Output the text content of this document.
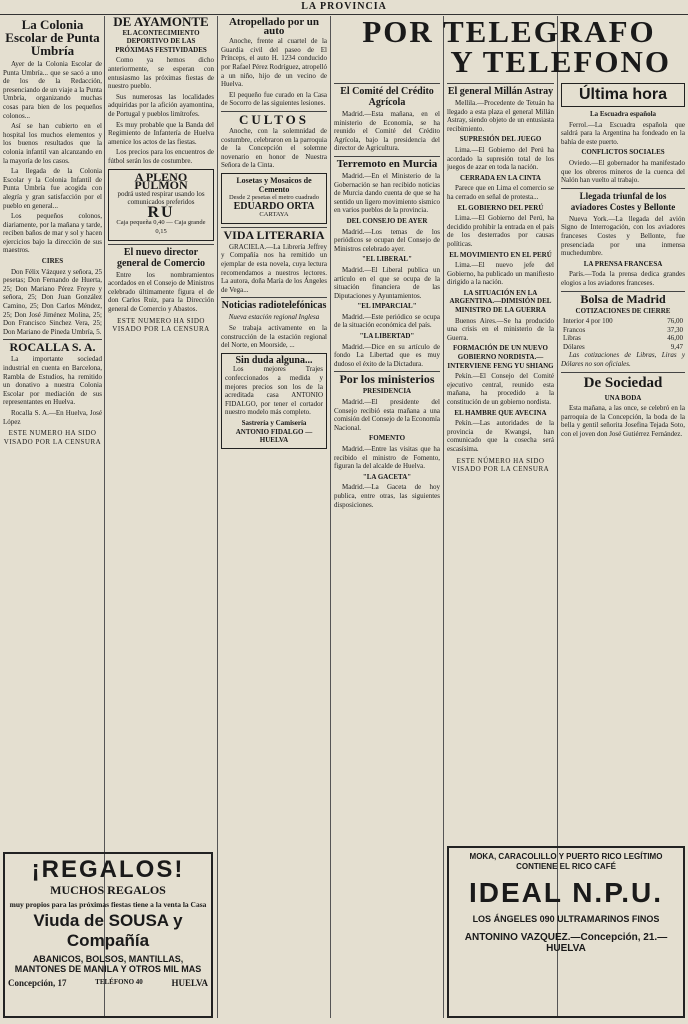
LA PROVINCIA
La Colonia Escolar de Punta Umbría

Ayer de la Colonia Escolar de Punta Umbría... que se sacó a uno de los de la Redacción, presenciando de un viaje a la Punta Umbría, organizando muchas cosas para bien de los pequeños colonos...

Así se han cubierto en el hospital los muchos elementos y los buenos resultados que la colonia infantil van alcanzando en la mayoría de los casos.

La llegada de la Colonia Escolar y la Colonia Infantil de Punta Umbría fue acogida con alegría y gran satisfacción por el pueblo en general...

Los pequeños colonos, diariamente, por la mañana y tarde, reciben baños de mar y sol y hacen ejercicios bajo la dirección de sus maestros.

CIRES

Don Félix Vázquez y señora, 25 pesetas; Don Fernando de Huerta, 25; Don Mariano Pérez Freyre y señora, 25; Don Juan González Camino, 25; Don Carlos Méndez, 25; Don José Jiménez Molina, 25; Don Francisco Sinchez Vera, 25; Don Mariano de Pineda Umbría, 5.

ROCALLA S. A.

La importante sociedad industrial en cuenta en Barcelona, Rambla de Estudios, ha remitido un donativo a nuestra Colonia Escolar por mediación de sus representantes en Huelva.

Rocalla S. A.—En Huelva, José López

ESTE NUMERO HA SIDO VISADO POR LA CENSURA
DE AYAMONTE
EL ACONTECIMIENTO DEPORTIVO DE LAS PRÓXIMAS FESTIVIDADES

Como ya hemos dicho anteriormente, se esperan con entusiasmo las próximas fiestas de nuestro pueblo.

Sus numerosas las localidades adquiridas por la afición ayamontina, de Portugal y pueblos limítrofes.

Es muy probable que la Banda del Regimiento de Infantería de Huelva amenice los actos de las fiestas.

Los precios para los encuentros de fútbol serán los de costumbre.

A PLENO PULMÓN
podrá usted respirar usando los comunicados preferidos
RU
Caja pequeña 0,40 — Caja grande 0,15
El nuevo director general de Comercio

Entre los nombramientos acordados en el Consejo de Ministros celebrado últimamente figura el de don Carlos Ruiz, para la Dirección general de Comercio y Abastos.

ESTE NUMERO HA SIDO VISADO POR LA CENSURA
Atropellado por un auto

Anoche, frente al cuartel de la Guardia civil del paseo de El Prínceps, el auto H. 1234 conducido por Rafael Pérez Rodríguez, atropelló a un niño, hijo de un vecino de Huelva.

El pequeño fue curado en la Casa de Socorro de las siguientes lesiones.

CULTOS

Anoche, con la solemnidad de costumbre, celebraron en la parroquia de la Concepción el solemne novenario en honor de Nuestra Señora de la Cinta.

Losetas y Mosaicos de Cemento
Desde 2 pesetas el metro cuadrado
EDUARDO ORTA
CARTAYA
VIDA LITERARIA

GRACIELA.—La Librería Jeffrey y Compañía nos ha remitido un ejemplar de esta novela, cuya lectura recomendamos a nuestros lectores. La autora, doña María de los Ángeles de Vega...

Noticias radiotelefónicas
Nueva estación regional Inglesa

Se trabaja activamente en la construcción de la estación regional del Norte, en Moorside, ...

Sin duda alguna...

Los mejores Trajes confeccionados a medida y mejores precios son los de la acreditada casa ANTONIO FIDALGO, por tener el cortador nuestro modelo más completo.

Sastrería y Camisería ANTONIO FIDALGO — HUELVA
POR TELEGRAFO
Y TELEFONO
El Comité del Crédito Agrícola

Madrid.—Esta mañana, en el ministerio de Economía, se ha reunido el Comité del Crédito Agrícola, bajo la presidencia del director de Agricultura.

Terremoto en Murcia

Madrid.—En el Ministerio de la Gobernación se han recibido noticias de Murcia dando cuenta de que se ha sentido un ligero movimiento sísmico en varios pueblos de la provincia.

DEL CONSEJO DE AYER

Madrid.—Los temas de los periódicos se ocupan del Consejo de Ministros celebrado ayer.

"EL LIBERAL"

Madrid.—El Liberal publica un artículo en el que se ocupa de la situación financiera de las Diputaciones y Ayuntamientos.

"EL IMPARCIAL"

Madrid.—Este periódico se ocupa de la situación económica del país.

"LA LIBERTAD"

Madrid.—Dice en su artículo de fondo La Libertad que es muy dudoso el éxito de la Dictadura.

Por los ministerios
PRESIDENCIA

Madrid.—El presidente del Consejo recibió esta mañana a una comisión del Consejo de la Economía Nacional.

FOMENTO

Madrid.—Entre las visitas que ha recibido el ministro de Fomento, figuran la del alcalde de Huelva.

"LA GACETA"

Madrid.—La Gaceta de hoy publica, entre otras, las siguientes disposiciones.

El general Millán Astray

Mellila.—Procedente de Tetuán ha llegado a esta plaza el general Millán Astray, siendo objeto de un entusiasta recibimiento.

SUPRESIÓN DEL JUEGO

Lima.—El Gobierno del Perú ha acordado la supresión total de los juegos de azar en toda la nación.

CERRADA EN LA CINTA

Parece que en Lima el comercio se ha cerrado en señal de protesta...

EL GOBIERNO DEL PERÚ

Lima.—El Gobierno del Perú, ha decidido prohibir la entrada en el país de los desterrados por causas políticas.

EL MOVIMIENTO EN EL PERÚ

Lima.—El nuevo jefe del Gobierno, ha publicado un manifiesto dirigido a la nación.

LA SITUACIÓN EN LA ARGENTINA.—DIMISIÓN DEL MINISTRO DE LA GUERRA

Buenos Aires.—Se ha producido una crisis en el ministerio de la Guerra.

FORMACIÓN DE UN NUEVO GOBIERNO NORDISTA.—INTERVIENE FENG YU SHIANG

Pekín.—El Consejo del Comité ejecutivo central, reunido esta mañana, ha procedido a la constitución de un gobierno nordista.

EL HAMBRE QUE AVECINA

Pekín.—Las autoridades de la provincia de Kwangsi, han comunicado que la cosecha será escasísima.

ESTE NÚMERO HA SIDO VISADO POR LA CENSURA
Última hora
La Escuadra española

Ferrol.—La Escuadra española que saldrá para la Argentina ha fondeado en la bahía de este puerto.

CONFLICTOS SOCIALES

Oviedo.—El gobernador ha manifestado que los obreros mineros de la cuenca del Nalón han vuelto al trabajo.

Llegada triunfal de los aviadores Costes y Bellonte

Nueva York.—La llegada del avión Signo de Interrogación, con los aviadores franceses Costes y Bellonte, fue presenciada por una inmensa muchedumbre.

LA PRENSA FRANCESA

París.—Toda la prensa dedica grandes elogios a los aviadores franceses.

Bolsa de Madrid
COTIZACIONES DE CIERRE
Interior 4 por 100	76,00
Francos	37,30
Libras	46,00
Dólares	9,47

Las cotizaciones de Libras, Liras y Dólares no son oficiales.

De Sociedad
UNA BODA

Esta mañana, a las once, se celebró en la parroquia de la Concepción, la boda de la bella y gentil señorita Josefina Tejada Soto, con el joven don José Gutiérrez Fernández.

¡REGALOS!
MUCHOS REGALOS
muy propios para las próximas fiestas tiene a la venta la Casa
Viuda de SOUSA y Compañía
ABANICOS, BOLSOS, MANTILLAS, MANTONES DE MANILA Y OTROS MIL MAS
Concepción, 17	TELÉFONO 40	HUELVA
MOKA, CARACOLILLO Y PUERTO RICO LEGÍTIMO CONTIENE EL RICO CAFÉ
IDEAL N.P.U.
LOS ÁNGELES 090 ULTRAMARINOS FINOS
ANTONINO VAZQUEZ.—Concepción, 21.—HUELVA
